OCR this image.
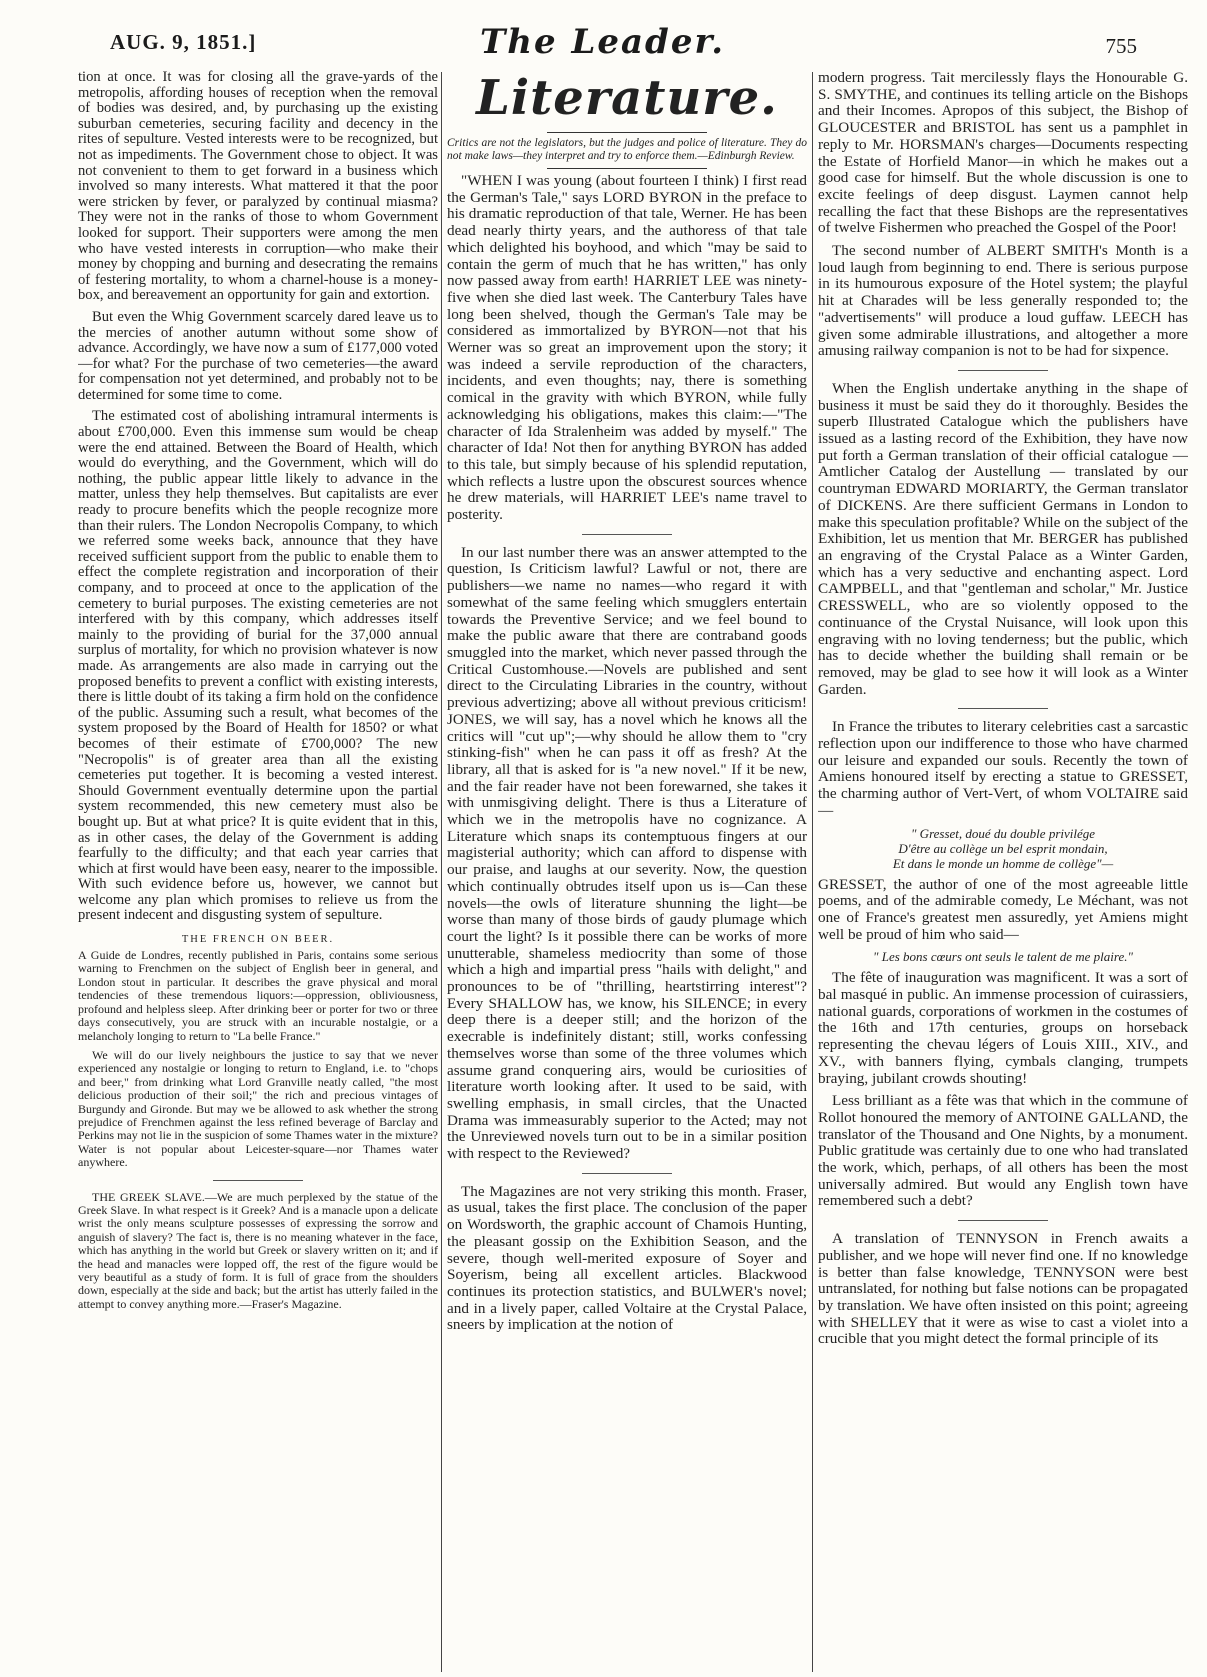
AUG. 9, 1851.]	The Leader.	755

tion at once. It was for closing all the grave-yards of the metropolis, affording houses of reception when the removal of bodies was desired, and, by purchasing up the existing suburban cemeteries, securing facility and decency in the rites of sepulture. Vested interests were to be recognized, but not as impediments. The Government chose to object. It was not convenient to them to get forward in a business which involved so many interests. What mattered it that the poor were stricken by fever, or paralyzed by continual miasma? They were not in the ranks of those to whom Government looked for support. Their supporters were among the men who have vested interests in corruption—who make their money by chopping and burning and desecrating the remains of festering mortality, to whom a charnel-house is a money-box, and bereavement an opportunity for gain and extortion.

But even the Whig Government scarcely dared leave us to the mercies of another autumn without some show of advance. Accordingly, we have now a sum of £177,000 voted—for what? For the purchase of two cemeteries—the award for compensation not yet determined, and probably not to be determined for some time to come.

The estimated cost of abolishing intramural interments is about £700,000. Even this immense sum would be cheap were the end attained. Between the Board of Health, which would do everything, and the Government, which will do nothing, the public appear little likely to advance in the matter, unless they help themselves. But capitalists are ever ready to procure benefits which the people recognize more than their rulers. The London Necropolis Company, to which we referred some weeks back, announce that they have received sufficient support from the public to enable them to effect the complete registration and incorporation of their company, and to proceed at once to the application of the cemetery to burial purposes. The existing cemeteries are not interfered with by this company, which addresses itself mainly to the providing of burial for the 37,000 annual surplus of mortality, for which no provision whatever is now made. As arrangements are also made in carrying out the proposed benefits to prevent a conflict with existing interests, there is little doubt of its taking a firm hold on the confidence of the public. Assuming such a result, what becomes of the system proposed by the Board of Health for 1850? or what becomes of their estimate of £700,000? The new "Necropolis" is of greater area than all the existing cemeteries put together. It is becoming a vested interest. Should Government eventually determine upon the partial system recommended, this new cemetery must also be bought up. But at what price? It is quite evident that in this, as in other cases, the delay of the Government is adding fearfully to the difficulty; and that each year carries that which at first would have been easy, nearer to the impossible. With such evidence before us, however, we cannot but welcome any plan which promises to relieve us from the present indecent and disgusting system of sepulture.

THE FRENCH ON BEER.

A Guide de Londres, recently published in Paris, contains some serious warning to Frenchmen on the subject of English beer in general, and London stout in particular. It describes the grave physical and moral tendencies of these tremendous liquors:—oppression, obliviousness, profound and helpless sleep. After drinking beer or porter for two or three days consecutively, you are struck with an incurable nostalgie, or a melancholy longing to return to "La belle France."

We will do our lively neighbours the justice to say that we never experienced any nostalgie or longing to return to England, i.e. to "chops and beer," from drinking what Lord Granville neatly called, "the most delicious production of their soil;" the rich and precious vintages of Burgundy and Gironde. But may we be allowed to ask whether the strong prejudice of Frenchmen against the less refined beverage of Barclay and Perkins may not lie in the suspicion of some Thames water in the mixture? Water is not popular about Leicester-square—nor Thames water anywhere.

THE GREEK SLAVE.—We are much perplexed by the statue of the Greek Slave. In what respect is it Greek? And is a manacle upon a delicate wrist the only means sculpture possesses of expressing the sorrow and anguish of slavery? The fact is, there is no meaning whatever in the face, which has anything in the world but Greek or slavery written on it; and if the head and manacles were lopped off, the rest of the figure would be very beautiful as a study of form. It is full of grace from the shoulders down, especially at the side and back; but the artist has utterly failed in the attempt to convey anything more.—Fraser's Magazine.

Literature.

Critics are not the legislators, but the judges and police of literature. They do not make laws—they interpret and try to enforce them.—Edinburgh Review.

"WHEN I was young (about fourteen I think) I first read the German's Tale," says LORD BYRON in the preface to his dramatic reproduction of that tale, Werner. He has been dead nearly thirty years, and the authoress of that tale which delighted his boyhood, and which "may be said to contain the germ of much that he has written," has only now passed away from earth! HARRIET LEE was ninety-five when she died last week. The Canterbury Tales have long been shelved, though the German's Tale may be considered as immortalized by BYRON—not that his Werner was so great an improvement upon the story; it was indeed a servile reproduction of the characters, incidents, and even thoughts; nay, there is something comical in the gravity with which BYRON, while fully acknowledging his obligations, makes this claim:—"The character of Ida Stralenheim was added by myself." The character of Ida! Not then for anything BYRON has added to this tale, but simply because of his splendid reputation, which reflects a lustre upon the obscurest sources whence he drew materials, will HARRIET LEE's name travel to posterity.

In our last number there was an answer attempted to the question, Is Criticism lawful? Lawful or not, there are publishers—we name no names—who regard it with somewhat of the same feeling which smugglers entertain towards the Preventive Service; and we feel bound to make the public aware that there are contraband goods smuggled into the market, which never passed through the Critical Customhouse.—Novels are published and sent direct to the Circulating Libraries in the country, without previous advertizing; above all without previous criticism! JONES, we will say, has a novel which he knows all the critics will "cut up";—why should he allow them to "cry stinking-fish" when he can pass it off as fresh? At the library, all that is asked for is "a new novel." If it be new, and the fair reader have not been forewarned, she takes it with unmisgiving delight. There is thus a Literature of which we in the metropolis have no cognizance. A Literature which snaps its contemptuous fingers at our magisterial authority; which can afford to dispense with our praise, and laughs at our severity. Now, the question which continually obtrudes itself upon us is—Can these novels—the owls of literature shunning the light—be worse than many of those birds of gaudy plumage which court the light? Is it possible there can be works of more unutterable, shameless mediocrity than some of those which a high and impartial press "hails with delight," and pronounces to be of "thrilling, heartstirring interest"? Every SHALLOW has, we know, his SILENCE; in every deep there is a deeper still; and the horizon of the execrable is indefinitely distant; still, works confessing themselves worse than some of the three volumes which assume grand conquering airs, would be curiosities of literature worth looking after. It used to be said, with swelling emphasis, in small circles, that the Unacted Drama was immeasurably superior to the Acted; may not the Unreviewed novels turn out to be in a similar position with respect to the Reviewed?

The Magazines are not very striking this month. Fraser, as usual, takes the first place. The conclusion of the paper on Wordsworth, the graphic account of Chamois Hunting, the pleasant gossip on the Exhibition Season, and the severe, though well-merited exposure of Soyer and Soyerism, being all excellent articles. Blackwood continues its protection statistics, and BULWER's novel; and in a lively paper, called Voltaire at the Crystal Palace, sneers by implication at the notion of

modern progress. Tait mercilessly flays the Honourable G. S. SMYTHE, and continues its telling article on the Bishops and their Incomes. Apropos of this subject, the Bishop of GLOUCESTER and BRISTOL has sent us a pamphlet in reply to Mr. HORSMAN's charges—Documents respecting the Estate of Horfield Manor—in which he makes out a good case for himself. But the whole discussion is one to excite feelings of deep disgust. Laymen cannot help recalling the fact that these Bishops are the representatives of twelve Fishermen who preached the Gospel of the Poor!

The second number of ALBERT SMITH's Month is a loud laugh from beginning to end. There is serious purpose in its humourous exposure of the Hotel system; the playful hit at Charades will be less generally responded to; the "advertisements" will produce a loud guffaw. LEECH has given some admirable illustrations, and altogether a more amusing railway companion is not to be had for sixpence.

When the English undertake anything in the shape of business it must be said they do it thoroughly. Besides the superb Illustrated Catalogue which the publishers have issued as a lasting record of the Exhibition, they have now put forth a German translation of their official catalogue — Amtlicher Catalog der Austellung — translated by our countryman EDWARD MORIARTY, the German translator of DICKENS. Are there sufficient Germans in London to make this speculation profitable? While on the subject of the Exhibition, let us mention that Mr. BERGER has published an engraving of the Crystal Palace as a Winter Garden, which has a very seductive and enchanting aspect. Lord CAMPBELL, and that "gentleman and scholar," Mr. Justice CRESSWELL, who are so violently opposed to the continuance of the Crystal Nuisance, will look upon this engraving with no loving tenderness; but the public, which has to decide whether the building shall remain or be removed, may be glad to see how it will look as a Winter Garden.

In France the tributes to literary celebrities cast a sarcastic reflection upon our indifference to those who have charmed our leisure and expanded our souls. Recently the town of Amiens honoured itself by erecting a statue to GRESSET, the charming author of Vert-Vert, of whom VOLTAIRE said—

" Gresset, doué du double privilége
D'être au collège un bel esprit mondain,
Et dans le monde un homme de collège"—

GRESSET, the author of one of the most agreeable little poems, and of the admirable comedy, Le Méchant, was not one of France's greatest men assuredly, yet Amiens might well be proud of him who said—

" Les bons cœurs ont seuls le talent de me plaire."

The fête of inauguration was magnificent. It was a sort of bal masqué in public. An immense procession of cuirassiers, national guards, corporations of workmen in the costumes of the 16th and 17th centuries, groups on horseback representing the chevau légers of Louis XIII., XIV., and XV., with banners flying, cymbals clanging, trumpets braying, jubilant crowds shouting!

Less brilliant as a fête was that which in the commune of Rollot honoured the memory of ANTOINE GALLAND, the translator of the Thousand and One Nights, by a monument. Public gratitude was certainly due to one who had translated the work, which, perhaps, of all others has been the most universally admired. But would any English town have remembered such a debt?

A translation of TENNYSON in French awaits a publisher, and we hope will never find one. If no knowledge is better than false knowledge, TENNYSON were best untranslated, for nothing but false notions can be propagated by translation. We have often insisted on this point; agreeing with SHELLEY that it were as wise to cast a violet into a crucible that you might detect the formal principle of its
